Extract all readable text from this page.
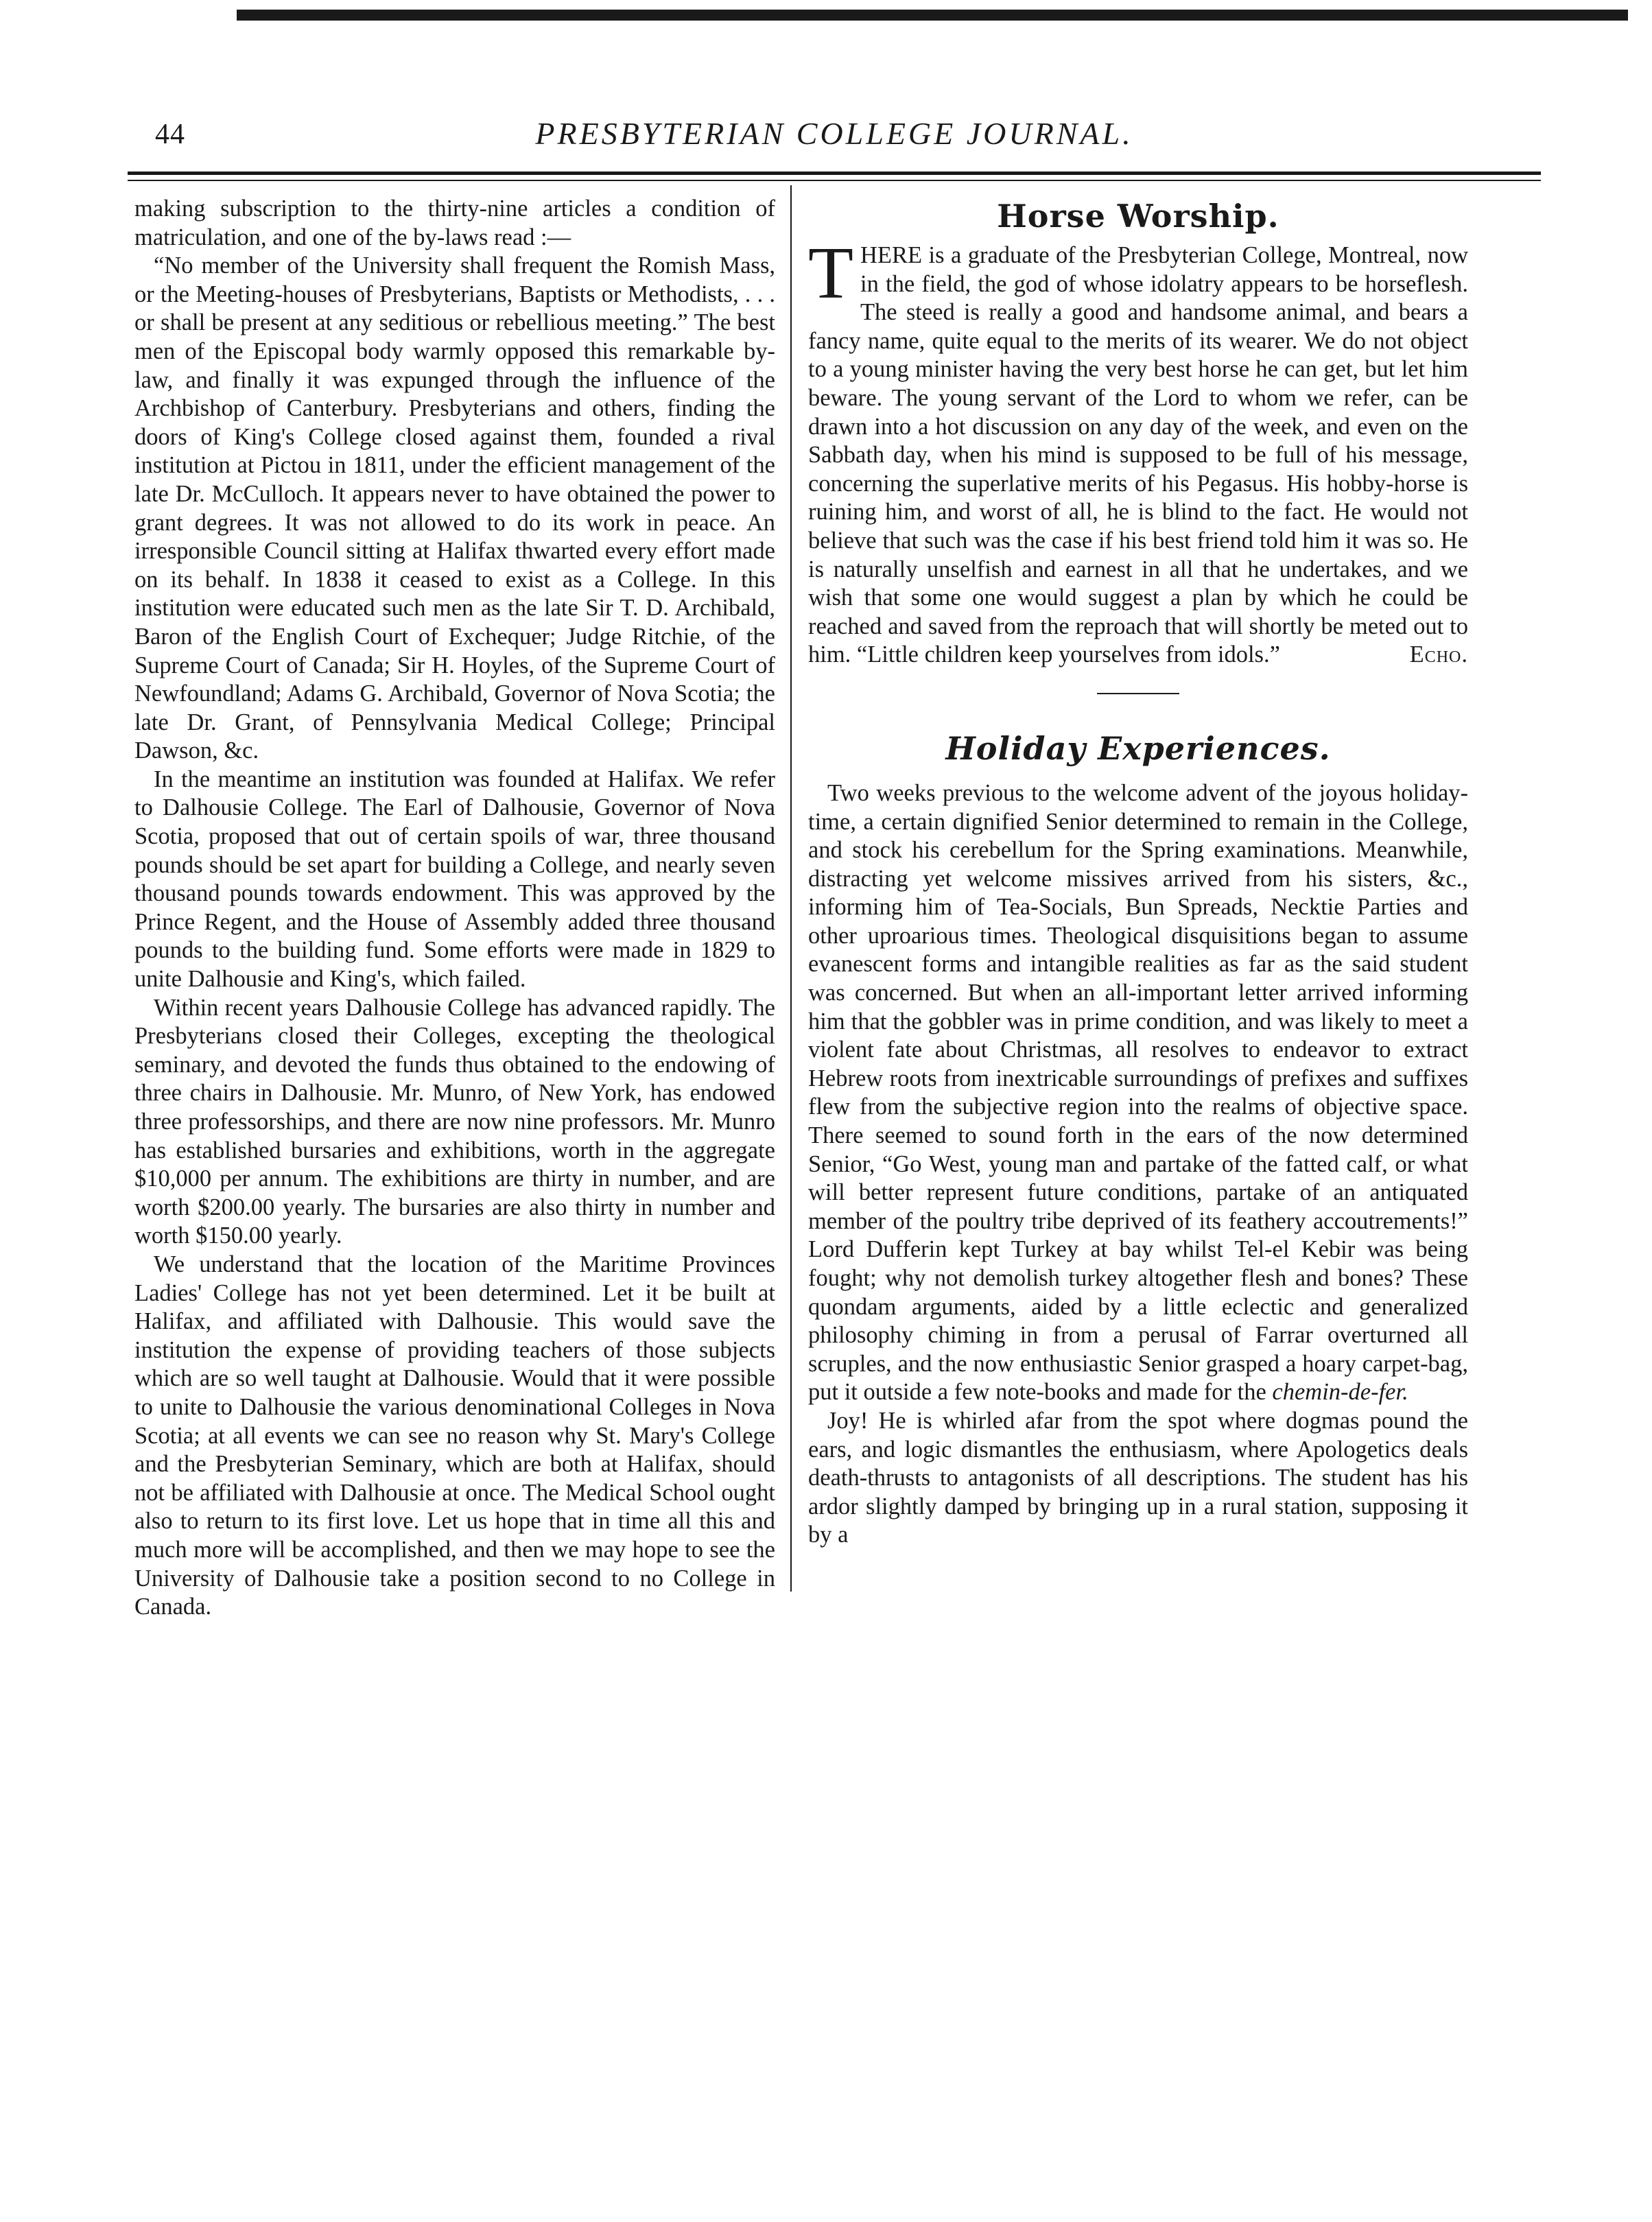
44	PRESBYTERIAN COLLEGE JOURNAL.

making subscription to the thirty-nine articles a condition of matriculation, and one of the by-laws read :—

“No member of the University shall frequent the Romish Mass, or the Meeting-houses of Presbyterians, Baptists or Methodists, . . . or shall be present at any seditious or rebellious meeting.” The best men of the Episcopal body warmly opposed this remarkable by-law, and finally it was expunged through the influence of the Archbishop of Canterbury. Presbyterians and others, finding the doors of King's College closed against them, founded a rival institution at Pictou in 1811, under the efficient management of the late Dr. McCulloch. It appears never to have obtained the power to grant degrees. It was not allowed to do its work in peace. An irresponsible Council sitting at Halifax thwarted every effort made on its behalf. In 1838 it ceased to exist as a College. In this institution were educated such men as the late Sir T. D. Archibald, Baron of the English Court of Exchequer; Judge Ritchie, of the Supreme Court of Canada; Sir H. Hoyles, of the Supreme Court of Newfoundland; Adams G. Archibald, Governor of Nova Scotia; the late Dr. Grant, of Pennsylvania Medical College; Principal Dawson, &c.

In the meantime an institution was founded at Halifax. We refer to Dalhousie College. The Earl of Dalhousie, Governor of Nova Scotia, proposed that out of certain spoils of war, three thousand pounds should be set apart for building a College, and nearly seven thousand pounds towards endowment. This was approved by the Prince Regent, and the House of Assembly added three thousand pounds to the building fund. Some efforts were made in 1829 to unite Dalhousie and King's, which failed.

Within recent years Dalhousie College has advanced rapidly. The Presbyterians closed their Colleges, excepting the theological seminary, and devoted the funds thus obtained to the endowing of three chairs in Dalhousie. Mr. Munro, of New York, has endowed three professorships, and there are now nine professors. Mr. Munro has established bursaries and exhibitions, worth in the aggregate $10,000 per annum. The exhibitions are thirty in number, and are worth $200.00 yearly. The bursaries are also thirty in number and worth $150.00 yearly.

We understand that the location of the Maritime Provinces Ladies' College has not yet been determined. Let it be built at Halifax, and affiliated with Dalhousie. This would save the institution the expense of providing teachers of those subjects which are so well taught at Dalhousie. Would that it were possible to unite to Dalhousie the various denominational Colleges in Nova Scotia; at all events we can see no reason why St. Mary's College and the Presbyterian Seminary, which are both at Halifax, should not be affiliated with Dalhousie at once. The Medical School ought also to return to its first love. Let us hope that in time all this and much more will be accomplished, and then we may hope to see the University of Dalhousie take a position second to no College in Canada.

Horse Worship.

THERE is a graduate of the Presbyterian College, Montreal, now in the field, the god of whose idolatry appears to be horseflesh. The steed is really a good and handsome animal, and bears a fancy name, quite equal to the merits of its wearer. We do not object to a young minister having the very best horse he can get, but let him beware. The young servant of the Lord to whom we refer, can be drawn into a hot discussion on any day of the week, and even on the Sabbath day, when his mind is supposed to be full of his message, concerning the superlative merits of his Pegasus. His hobby-horse is ruining him, and worst of all, he is blind to the fact. He would not believe that such was the case if his best friend told him it was so. He is naturally unselfish and earnest in all that he undertakes, and we wish that some one would suggest a plan by which he could be reached and saved from the reproach that will shortly be meted out to him. “Little children keep yourselves from idols.”	Echo.

Holiday Experiences.

Two weeks previous to the welcome advent of the joyous holiday-time, a certain dignified Senior determined to remain in the College, and stock his cerebellum for the Spring examinations. Meanwhile, distracting yet welcome missives arrived from his sisters, &c., informing him of Tea-Socials, Bun Spreads, Necktie Parties and other uproarious times. Theological disquisitions began to assume evanescent forms and intangible realities as far as the said student was concerned. But when an all-important letter arrived informing him that the gobbler was in prime condition, and was likely to meet a violent fate about Christmas, all resolves to endeavor to extract Hebrew roots from inextricable surroundings of prefixes and suffixes flew from the subjective region into the realms of objective space. There seemed to sound forth in the ears of the now determined Senior, “Go West, young man and partake of the fatted calf, or what will better represent future conditions, partake of an antiquated member of the poultry tribe deprived of its feathery accoutrements!” Lord Dufferin kept Turkey at bay whilst Tel-el Kebir was being fought; why not demolish turkey altogether flesh and bones? These quondam arguments, aided by a little eclectic and generalized philosophy chiming in from a perusal of Farrar overturned all scruples, and the now enthusiastic Senior grasped a hoary carpet-bag, put it outside a few note-books and made for the chemin-de-fer.

Joy! He is whirled afar from the spot where dogmas pound the ears, and logic dismantles the enthusiasm, where Apologetics deals death-thrusts to antagonists of all descriptions. The student has his ardor slightly damped by bringing up in a rural station, supposing it by a
